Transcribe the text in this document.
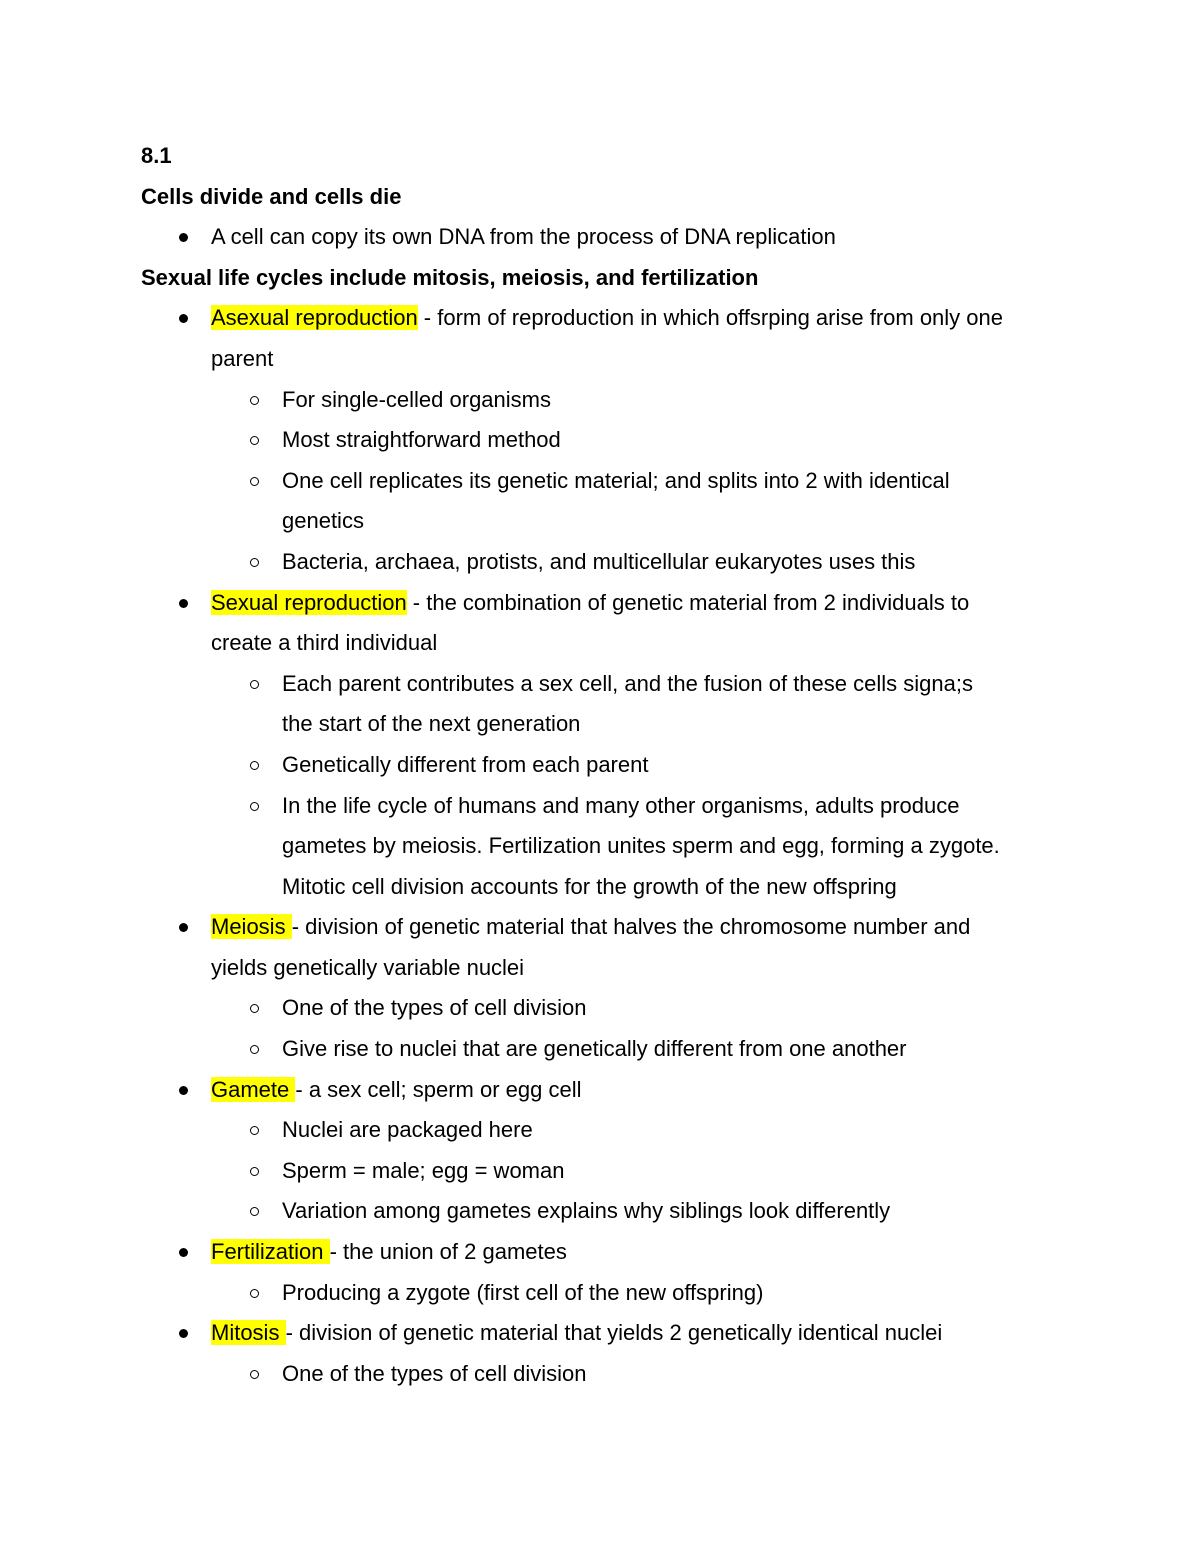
8.1
Cells divide and cells die
A cell can copy its own DNA from the process of DNA replication
Sexual life cycles include mitosis, meiosis, and fertilization
Asexual reproduction - form of reproduction in which offsrping arise from only one
parent
For single-celled organisms
Most straightforward method
One cell replicates its genetic material; and splits into 2 with identical
genetics
Bacteria, archaea, protists, and multicellular eukaryotes uses this
Sexual reproduction - the combination of genetic material from 2 individuals to
create a third individual
Each parent contributes a sex cell, and the fusion of these cells signa;s
the start of the next generation
Genetically different from each parent
In the life cycle of humans and many other organisms, adults produce
gametes by meiosis. Fertilization unites sperm and egg, forming a zygote.
Mitotic cell division accounts for the growth of the new offspring
Meiosis - division of genetic material that halves the chromosome number and
yields genetically variable nuclei
One of the types of cell division
Give rise to nuclei that are genetically different from one another
Gamete - a sex cell; sperm or egg cell
Nuclei are packaged here
Sperm = male; egg = woman
Variation among gametes explains why siblings look differently
Fertilization - the union of 2 gametes
Producing a zygote (first cell of the new offspring)
Mitosis - division of genetic material that yields 2 genetically identical nuclei
One of the types of cell division
